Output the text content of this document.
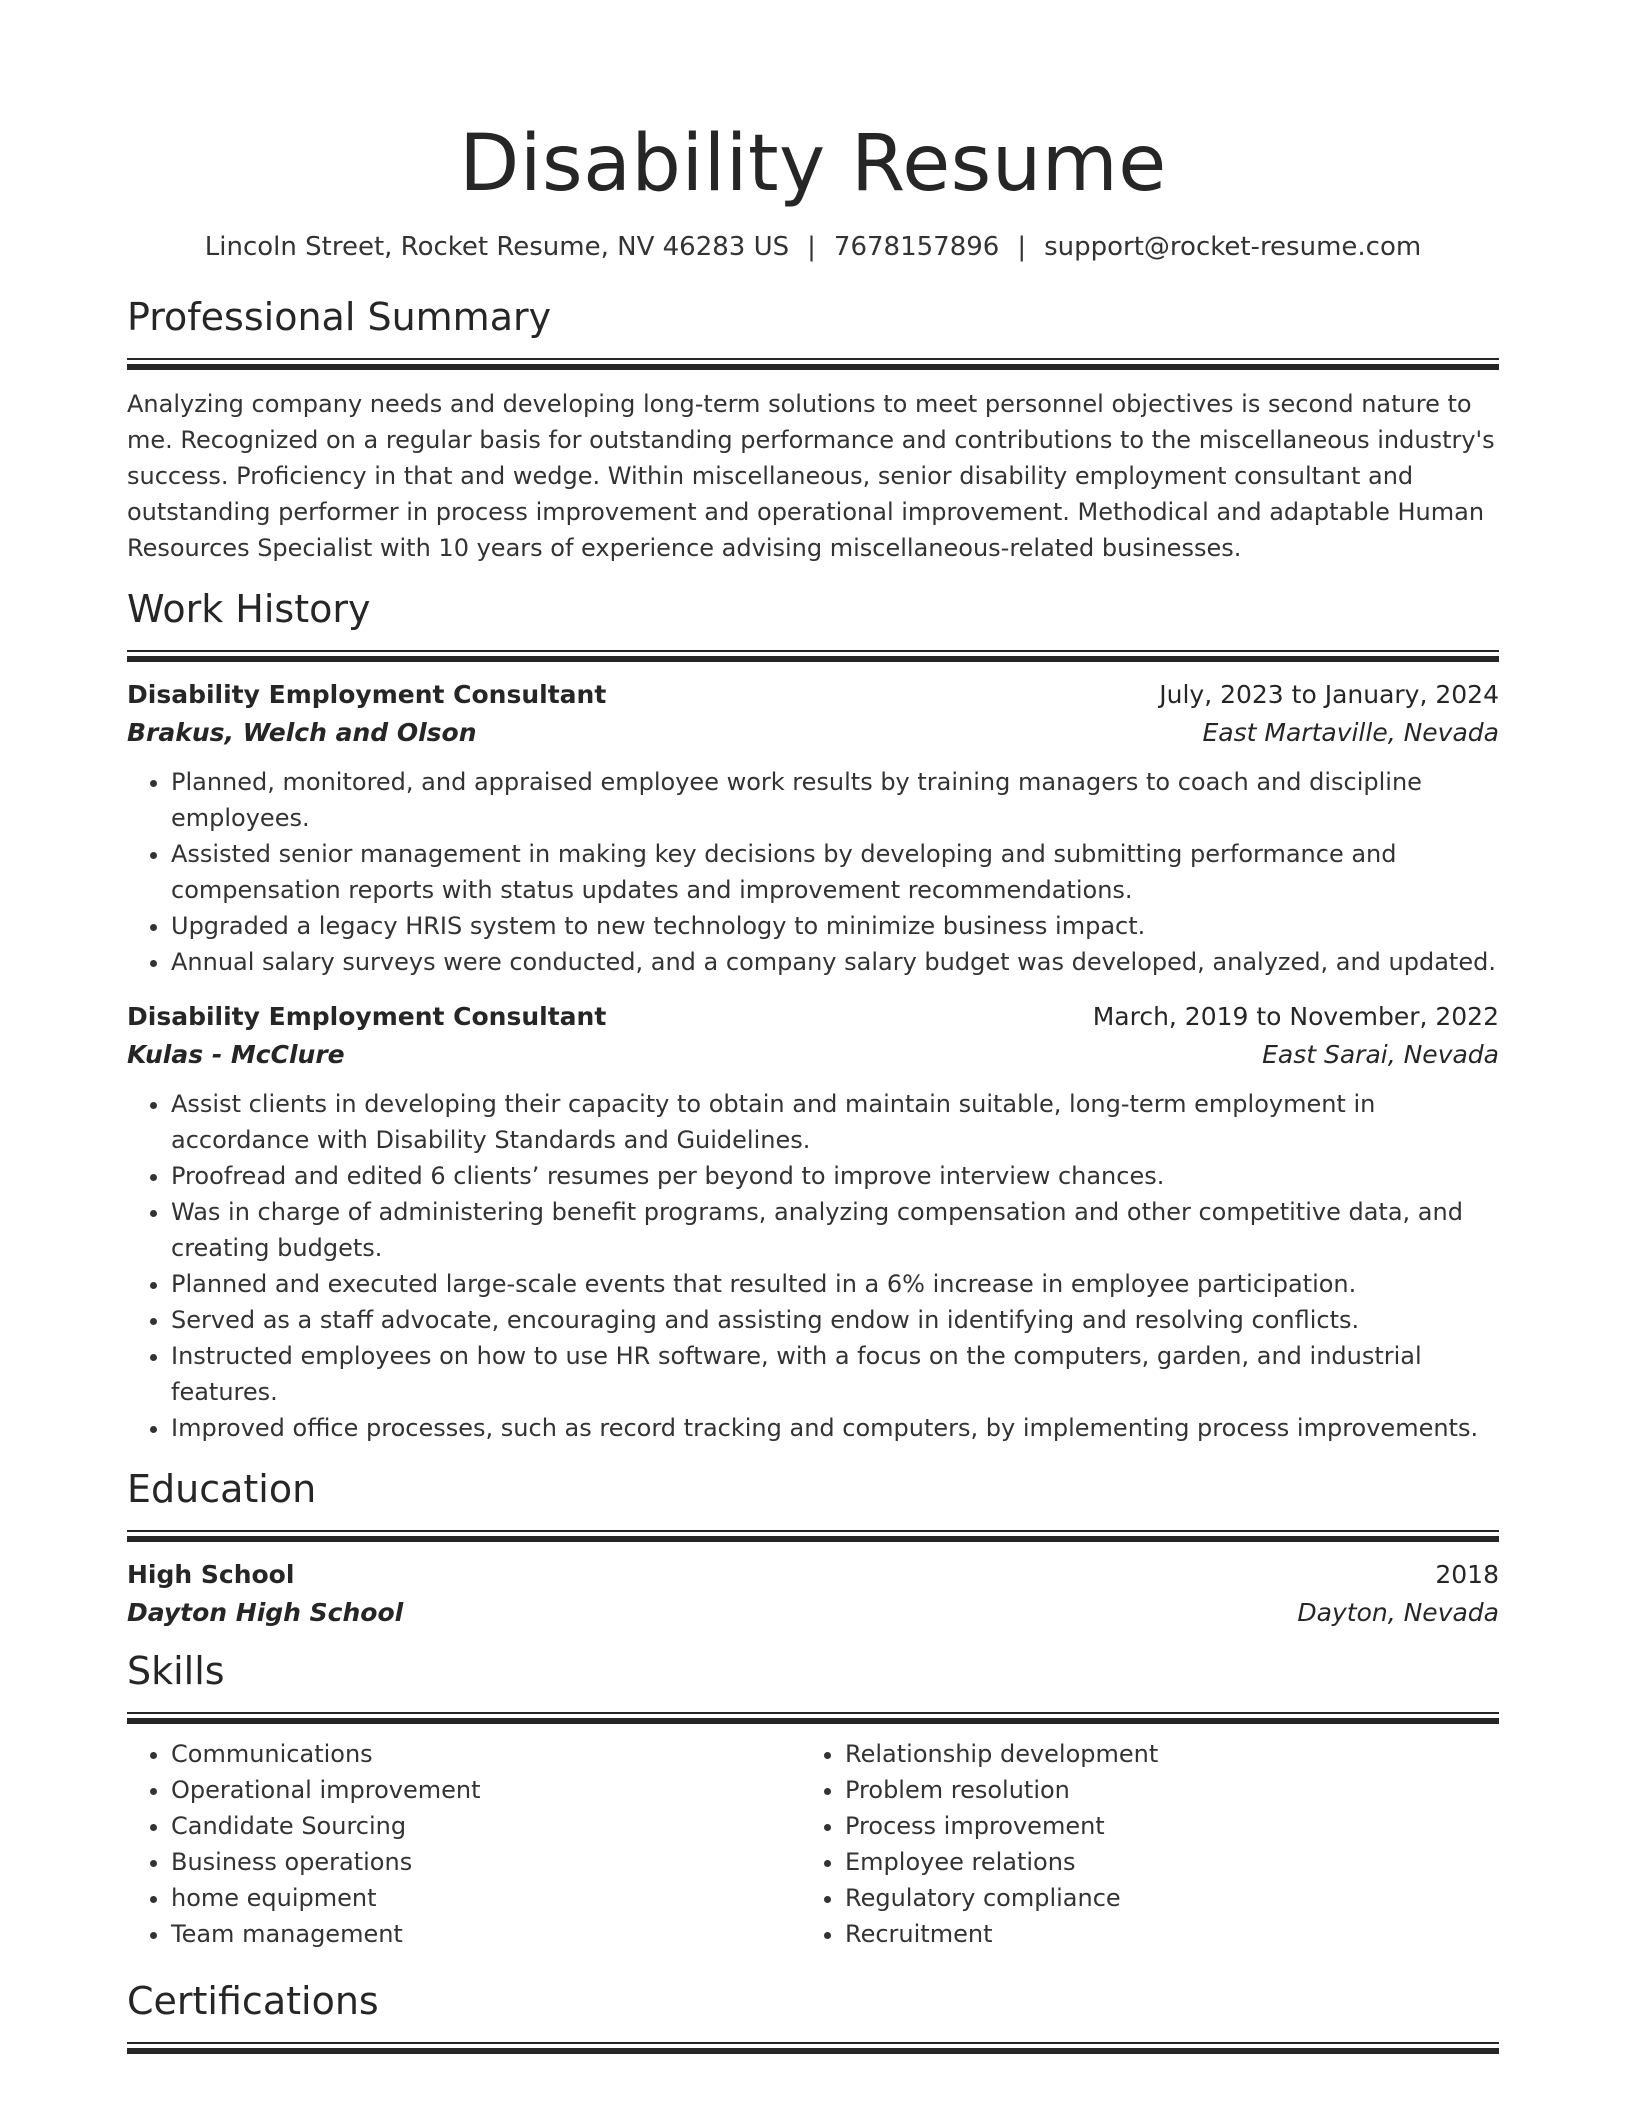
Disability Resume
Lincoln Street, Rocket Resume, NV 46283 US | 7678157896 | support@rocket-resume.com
Professional Summary

Analyzing company needs and developing long-term solutions to meet personnel objectives is second nature to me. Recognized on a regular basis for outstanding performance and contributions to the miscellaneous industry's success. Proficiency in that and wedge. Within miscellaneous, senior disability employment consultant and outstanding performer in process improvement and operational improvement. Methodical and adaptable Human Resources Specialist with 10 years of experience advising miscellaneous-related businesses.

Work History
Disability Employment Consultant	July, 2023 to January, 2024
Brakus, Welch and Olson	East Martaville, Nevada
• Planned, monitored, and appraised employee work results by training managers to coach and discipline employees.
• Assisted senior management in making key decisions by developing and submitting performance and compensation reports with status updates and improvement recommendations.
• Upgraded a legacy HRIS system to new technology to minimize business impact.
• Annual salary surveys were conducted, and a company salary budget was developed, analyzed, and updated.
Disability Employment Consultant	March, 2019 to November, 2022
Kulas - McClure	East Sarai, Nevada
• Assist clients in developing their capacity to obtain and maintain suitable, long-term employment in accordance with Disability Standards and Guidelines.
• Proofread and edited 6 clients’ resumes per beyond to improve interview chances.
• Was in charge of administering benefit programs, analyzing compensation and other competitive data, and creating budgets.
• Planned and executed large-scale events that resulted in a 6% increase in employee participation.
• Served as a staff advocate, encouraging and assisting endow in identifying and resolving conflicts.
• Instructed employees on how to use HR software, with a focus on the computers, garden, and industrial features.
• Improved office processes, such as record tracking and computers, by implementing process improvements.
Education
High School	2018
Dayton High School	Dayton, Nevada
Skills
• Communications
• Operational improvement
• Candidate Sourcing
• Business operations
• home equipment
• Team management
• Relationship development
• Problem resolution
• Process improvement
• Employee relations
• Regulatory compliance
• Recruitment
Certifications
